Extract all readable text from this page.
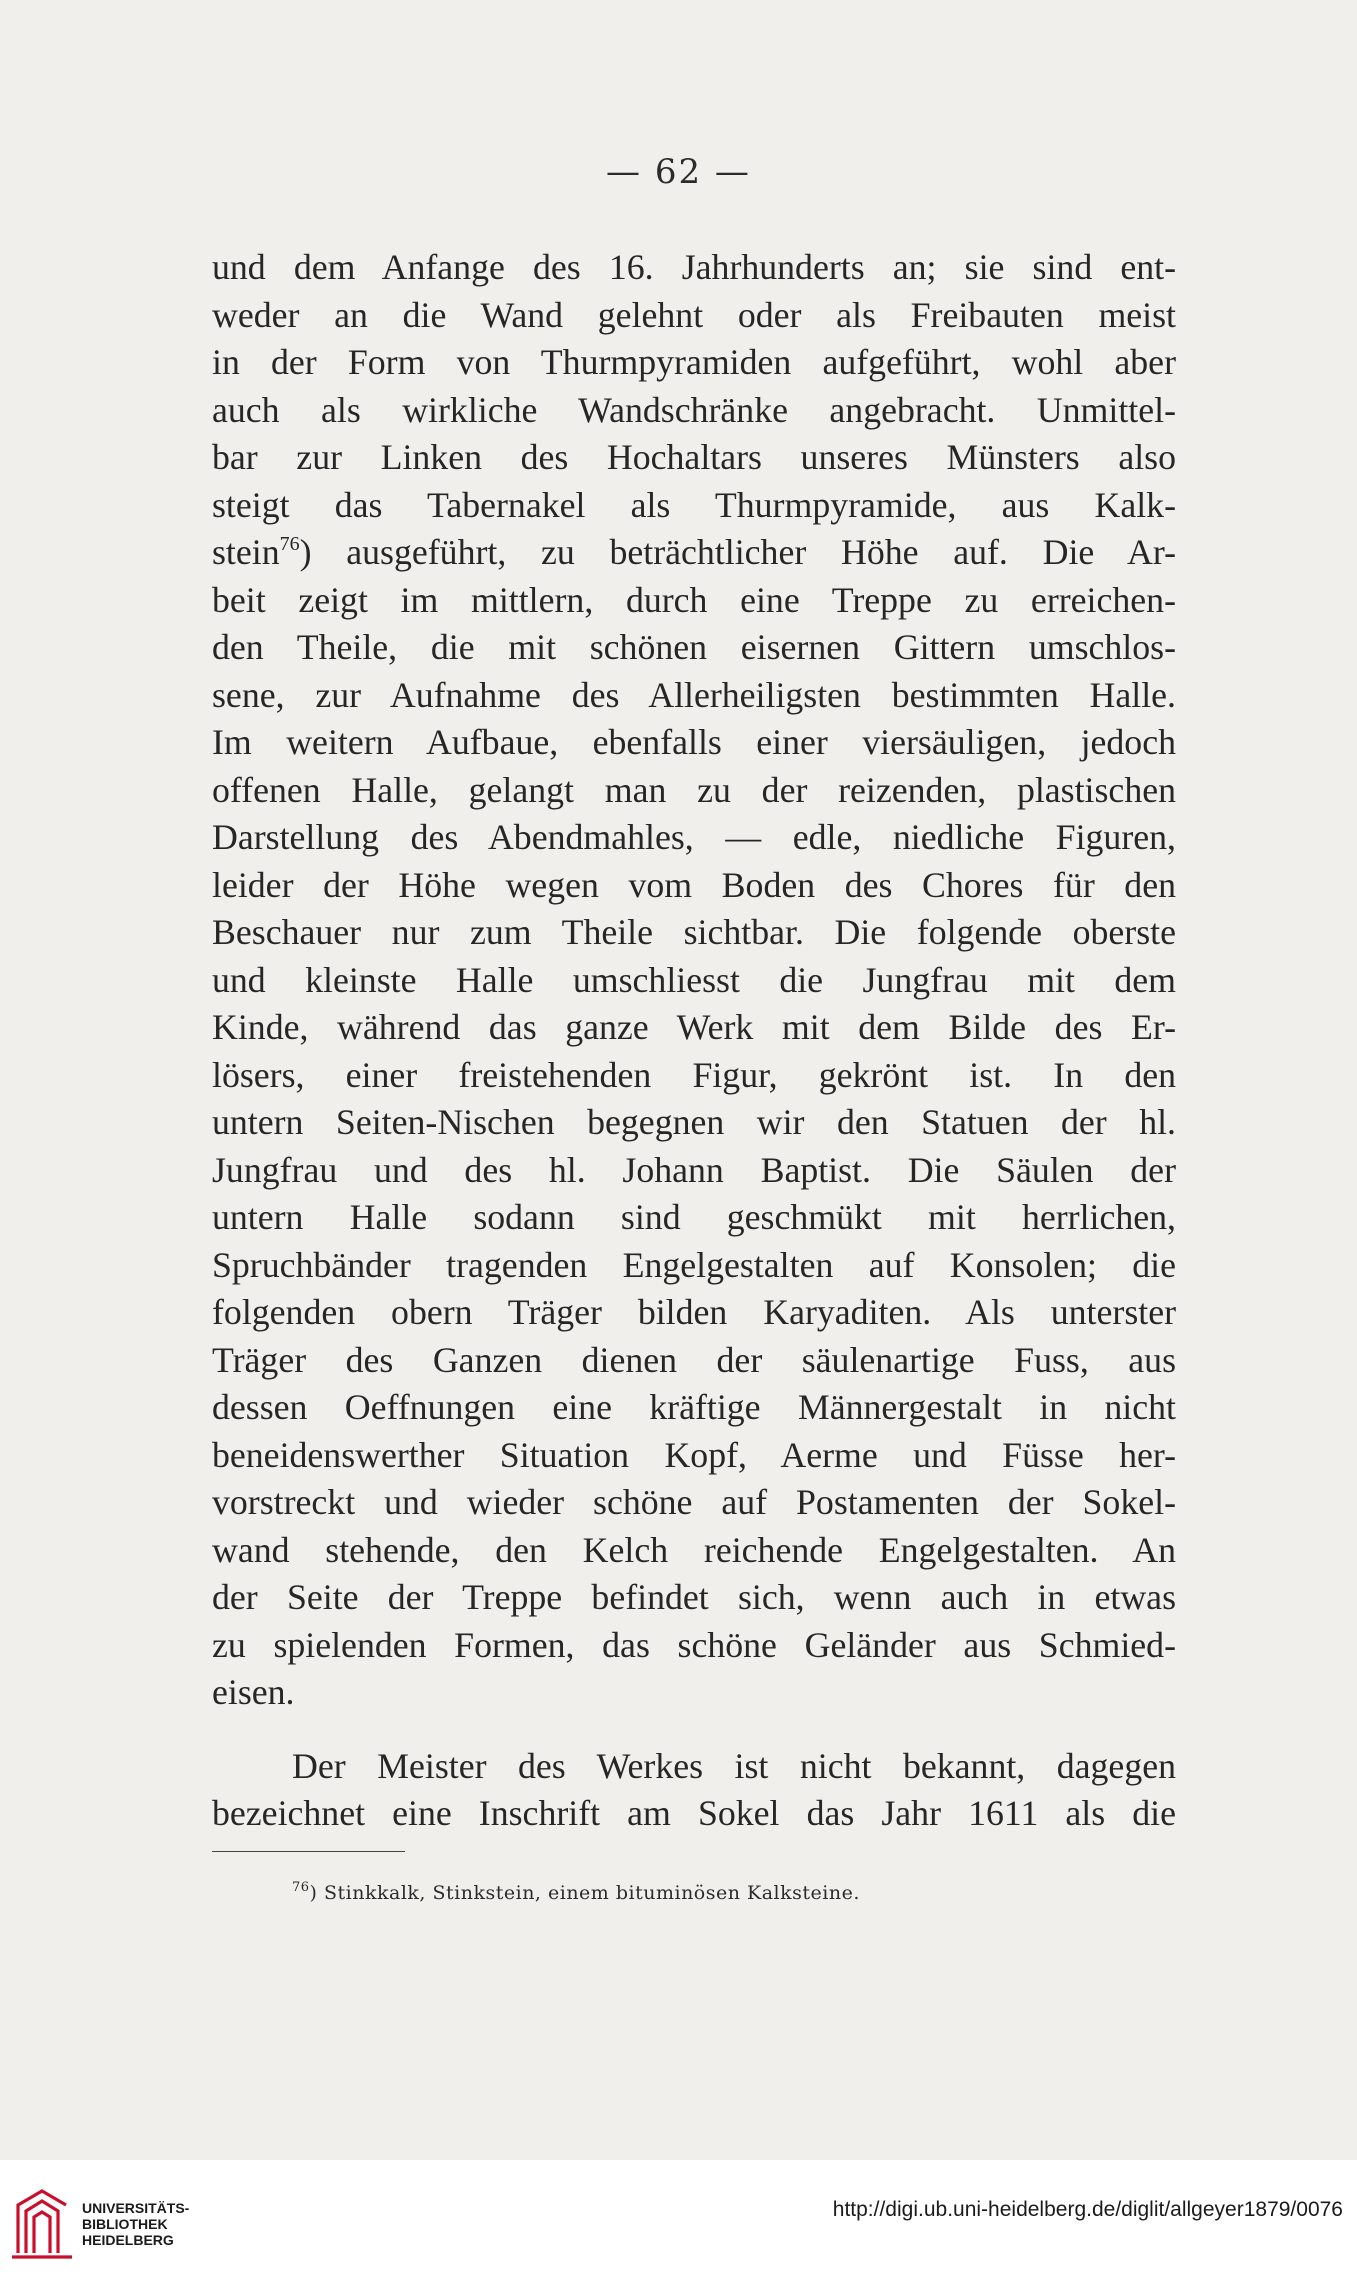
— 62 —
und dem Anfange des 16. Jahrhunderts an; sie sind ent-
weder an die Wand gelehnt oder als Freibauten meist
in der Form von Thurmpyramiden aufgeführt, wohl aber
auch als wirkliche Wandschränke angebracht. Unmittel-
bar zur Linken des Hochaltars unseres Münsters also
steigt das Tabernakel als Thurmpyramide, aus Kalk-
stein$^{76}$) ausgeführt, zu beträchtlicher Höhe auf. Die Ar-
beit zeigt im mittlern, durch eine Treppe zu erreichen-
den Theile, die mit schönen eisernen Gittern umschlos-
sene, zur Aufnahme des Allerheiligsten bestimmten Halle.
Im weitern Aufbaue, ebenfalls einer viersäuligen, jedoch
offenen Halle, gelangt man zu der reizenden, plastischen
Darstellung des Abendmahles, — edle, niedliche Figuren,
leider der Höhe wegen vom Boden des Chores für den
Beschauer nur zum Theile sichtbar. Die folgende oberste
und kleinste Halle umschliesst die Jungfrau mit dem
Kinde, während das ganze Werk mit dem Bilde des Er-
lösers, einer freistehenden Figur, gekrönt ist. In den
untern Seiten-Nischen begegnen wir den Statuen der hl.
Jungfrau und des hl. Johann Baptist. Die Säulen der
untern Halle sodann sind geschmükt mit herrlichen,
Spruchbänder tragenden Engelgestalten auf Konsolen; die
folgenden obern Träger bilden Karyaditen. Als unterster
Träger des Ganzen dienen der säulenartige Fuss, aus
dessen Oeffnungen eine kräftige Männergestalt in nicht
beneidenswerther Situation Kopf, Aerme und Füsse her-
vorstreckt und wieder schöne auf Postamenten der Sokel-
wand stehende, den Kelch reichende Engelgestalten. An
der Seite der Treppe befindet sich, wenn auch in etwas
zu spielenden Formen, das schöne Geländer aus Schmied-
eisen.
Der Meister des Werkes ist nicht bekannt, dagegen
bezeichnet eine Inschrift am Sokel das Jahr 1611 als die
$^{76}$) Stinkkalk, Stinkstein, einem bituminösen Kalksteine.
UNIVERSITÄTS-
BIBLIOTHEK
HEIDELBERG
http://digi.ub.uni-heidelberg.de/diglit/allgeyer1879/0076
